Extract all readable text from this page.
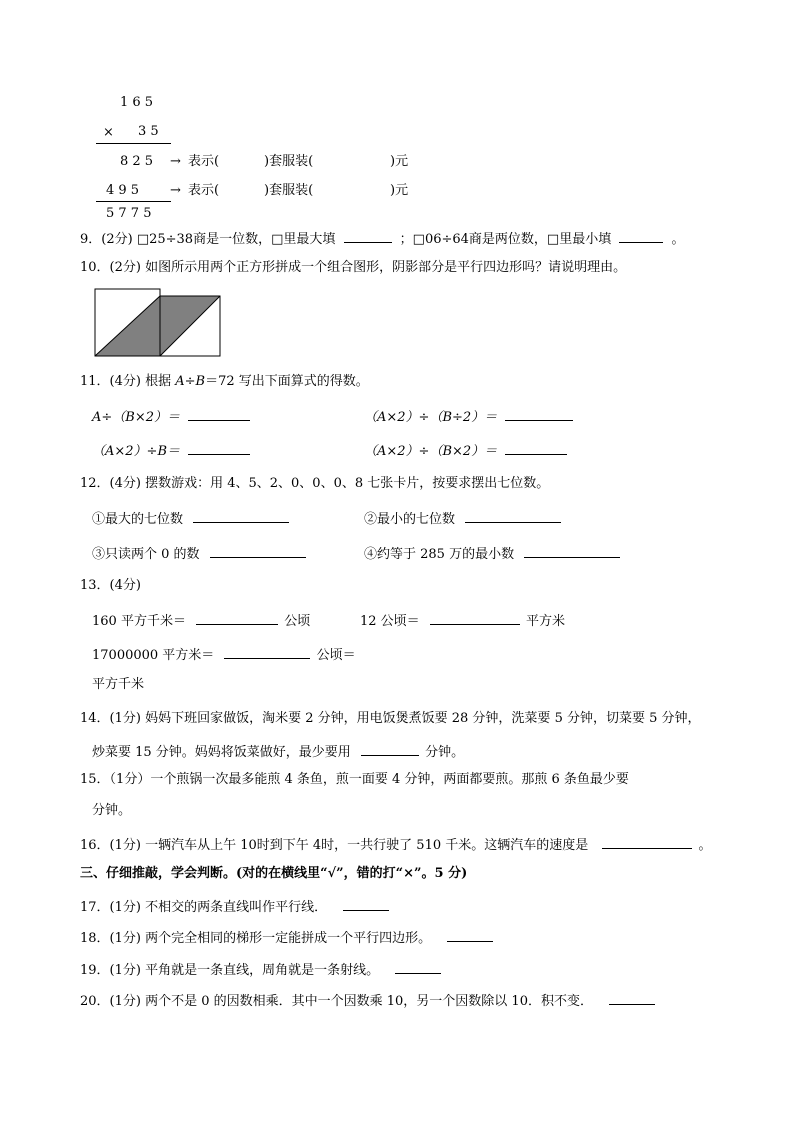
1 6 5
× 3 5
8 2 5 → 表示(	)套服装(	)元
4 9 5 → 表示(	)套服装(	)元
5 7 7 5
9．(2分) □25÷38商是一位数，□里最大填	；□06÷64商是两位数，□里最小填	。
10．(2分) 如图所示用两个正方形拼成一个组合图形，阴影部分是平行四边形吗？请说明理由。
11．(4分) 根据 A÷B＝72 写出下面算式的得数。
A÷（B×2）＝	（A×2）÷（B÷2）＝
（A×2）÷B＝	（A×2）÷（B×2）＝
12．(4分) 摆数游戏：用 4、5、2、0、0、0、8 七张卡片，按要求摆出七位数。
①最大的七位数	②最小的七位数
③只读两个 0 的数	④约等于 285 万的最小数
13．(4分)
160 平方千米＝	公顷	12 公顷＝	平方米
17000000 平方米＝	公顷＝
平方千米
14．(1分) 妈妈下班回家做饭，淘米要 2 分钟，用电饭煲煮饭要 28 分钟，洗菜要 5 分钟，切菜要 5 分钟，
炒菜要 15 分钟。妈妈将饭菜做好，最少要用	分钟。
15．（1分）一个煎锅一次最多能煎 4 条鱼，煎一面要 4 分钟，两面都要煎。那煎 6 条鱼最少要
分钟。
16．(1分) 一辆汽车从上午 10时到下午 4时，一共行驶了 510 千米。这辆汽车的速度是	。
三、仔细推敲，学会判断。(对的在横线里“√”，错的打“×”。5 分)
17．(1分) 不相交的两条直线叫作平行线．
18．(1分) 两个完全相同的梯形一定能拼成一个平行四边形。
19．(1分) 平角就是一条直线，周角就是一条射线。
20．(1分) 两个不是 0 的因数相乘．其中一个因数乘 10，另一个因数除以 10．积不变．
